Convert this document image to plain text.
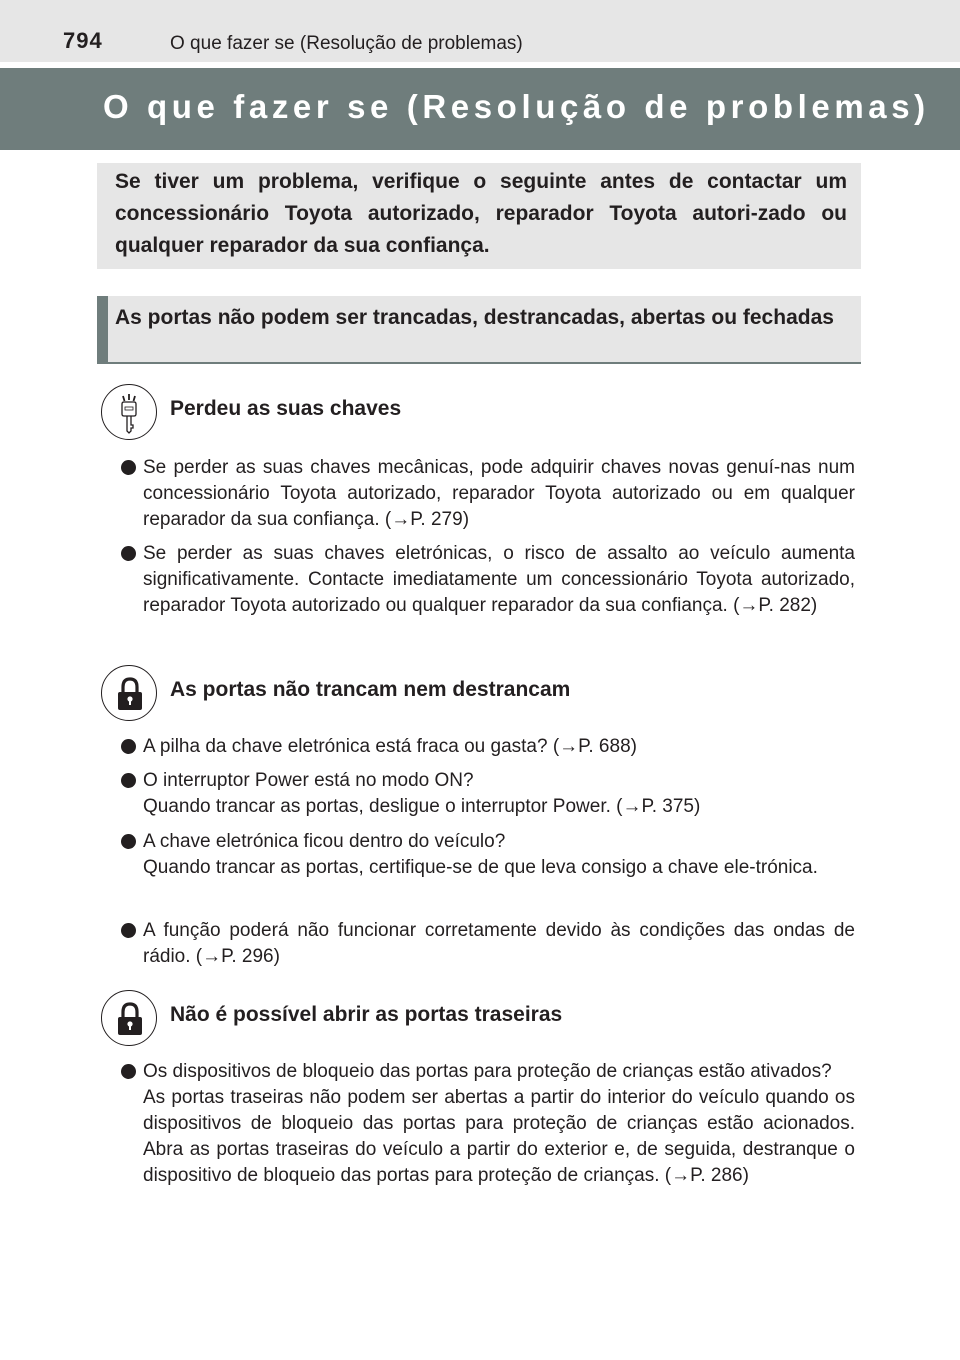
794	O que fazer se (Resolução de problemas)
O que fazer se (Resolução de problemas)

Se tiver um problema, verifique o seguinte antes de contactar um concessionário Toyota autorizado, reparador Toyota autori-zado ou qualquer reparador da sua confiança.

As portas não podem ser trancadas, destrancadas, abertas ou fechadas

Perdeu as suas chaves
Se perder as suas chaves mecânicas, pode adquirir chaves novas genuí-nas num concessionário Toyota autorizado, reparador Toyota autorizado ou em qualquer reparador da sua confiança. (→P. 279)
Se perder as suas chaves eletrónicas, o risco de assalto ao veículo aumenta significativamente. Contacte imediatamente um concessionário Toyota autorizado, reparador Toyota autorizado ou qualquer reparador da sua confiança. (→P. 282)
As portas não trancam nem destrancam
A pilha da chave eletrónica está fraca ou gasta? (→P. 688)
O interruptor Power está no modo ON?
Quando trancar as portas, desligue o interruptor Power. (→P. 375)
A chave eletrónica ficou dentro do veículo?
Quando trancar as portas, certifique-se de que leva consigo a chave ele-trónica.
A função poderá não funcionar corretamente devido às condições das ondas de rádio. (→P. 296)
Não é possível abrir as portas traseiras
Os dispositivos de bloqueio das portas para proteção de crianças estão ativados?
As portas traseiras não podem ser abertas a partir do interior do veículo quando os dispositivos de bloqueio das portas para proteção de crianças estão acionados. Abra as portas traseiras do veículo a partir do exterior e, de seguida, destranque o dispositivo de bloqueio das portas para proteção de crianças. (→P. 286)
